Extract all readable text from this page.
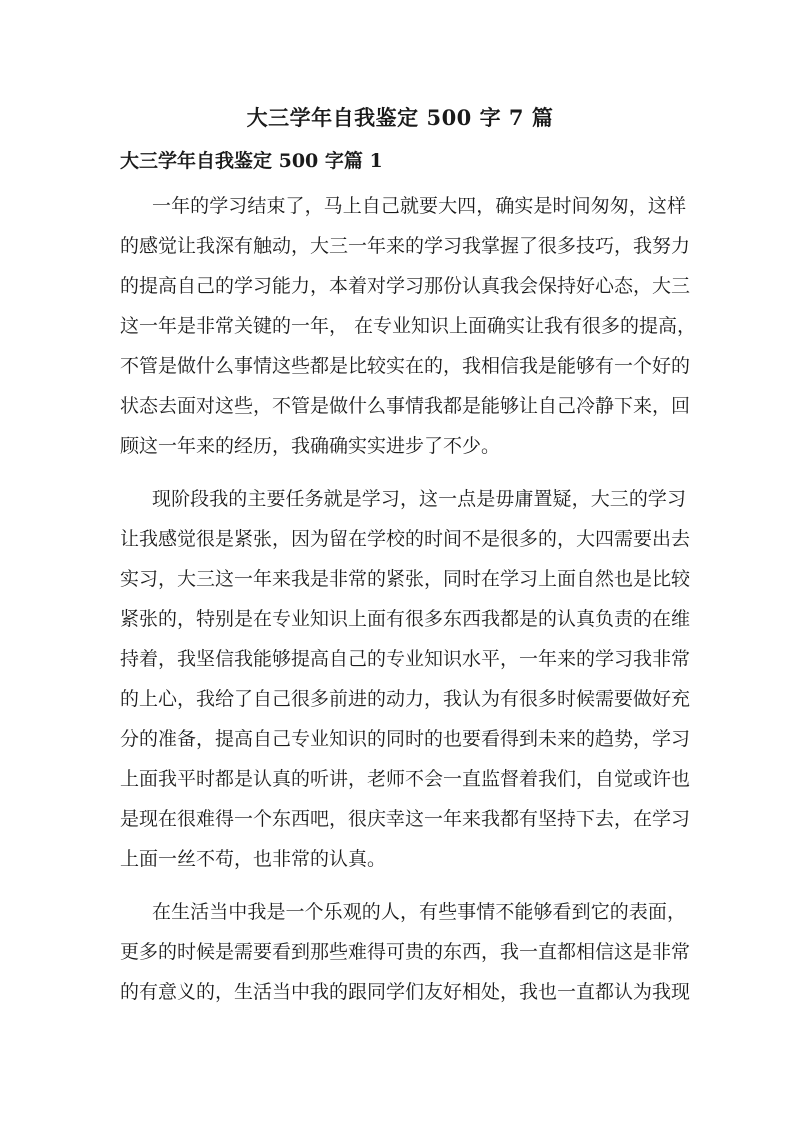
大三学年自我鉴定 500 字 7 篇
大三学年自我鉴定 500 字篇 1
一年的学习结束了，马上自己就要大四，确实是时间匆匆，这样
的感觉让我深有触动，大三一年来的学习我掌握了很多技巧，我努力
的提高自己的学习能力，本着对学习那份认真我会保持好心态，大三
这一年是非常关键的一年， 在专业知识上面确实让我有很多的提高，
不管是做什么事情这些都是比较实在的，我相信我是能够有一个好的
状态去面对这些，不管是做什么事情我都是能够让自己冷静下来，回
顾这一年来的经历，我确确实实进步了不少。
现阶段我的主要任务就是学习，这一点是毋庸置疑，大三的学习
让我感觉很是紧张，因为留在学校的时间不是很多的，大四需要出去
实习，大三这一年来我是非常的紧张，同时在学习上面自然也是比较
紧张的，特别是在专业知识上面有很多东西我都是的认真负责的在维
持着，我坚信我能够提高自己的专业知识水平，一年来的学习我非常
的上心，我给了自己很多前进的动力，我认为有很多时候需要做好充
分的准备，提高自己专业知识的同时的也要看得到未来的趋势，学习
上面我平时都是认真的听讲，老师不会一直监督着我们，自觉或许也
是现在很难得一个东西吧，很庆幸这一年来我都有坚持下去，在学习
上面一丝不苟，也非常的认真。
在生活当中我是一个乐观的人，有些事情不能够看到它的表面，
更多的时候是需要看到那些难得可贵的东西，我一直都相信这是非常
的有意义的，生活当中我的跟同学们友好相处，我也一直都认为我现
